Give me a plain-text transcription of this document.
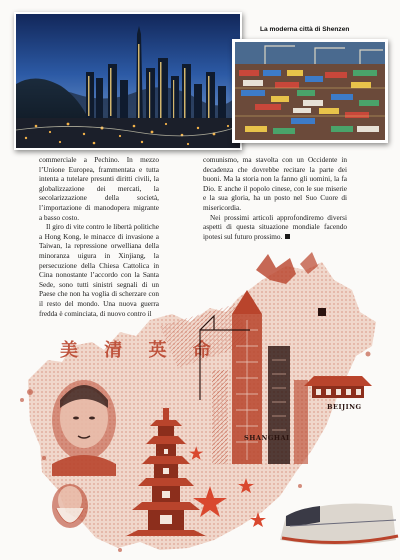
La moderna città di Shenzen

commerciale a Pechino. In mezzo l’Unione Europea, frammentata e tutta intenta a tutelare presunti diritti civili, la globalizzazione dei mercati, la secolarizzazione della società, l’importazione di manodopera migrante a basso costo.

Il giro di vite contro le libertà politiche a Hong Kong, le minacce di invasione a Taiwan, la repressione orwelliana della minoranza uigura in Xinjiang, la persecuzione della Chiesa Cattolica in Cina nonostante l’accordo con la Santa Sede, sono tutti sinistri segnali di un Paese che non ha voglia di scherzare con il resto del mondo. Una nuova guerra fredda è cominciata, di nuovo contro il

comunismo, ma stavolta con un Occidente in decadenza che dovrebbe recitare la parte dei buoni. Ma la storia non la fanno gli uomini, la fa Dio. E anche il popolo cinese, con le sue miserie e la sua gloria, ha un posto nel Suo Cuore di misericordia.

Nei prossimi articoli approfondiremo diversi aspetti di questa situazione mondiale facendo ipotesi sul futuro prossimo.

美 清 英 命
BEIJING
SHANGHAI
